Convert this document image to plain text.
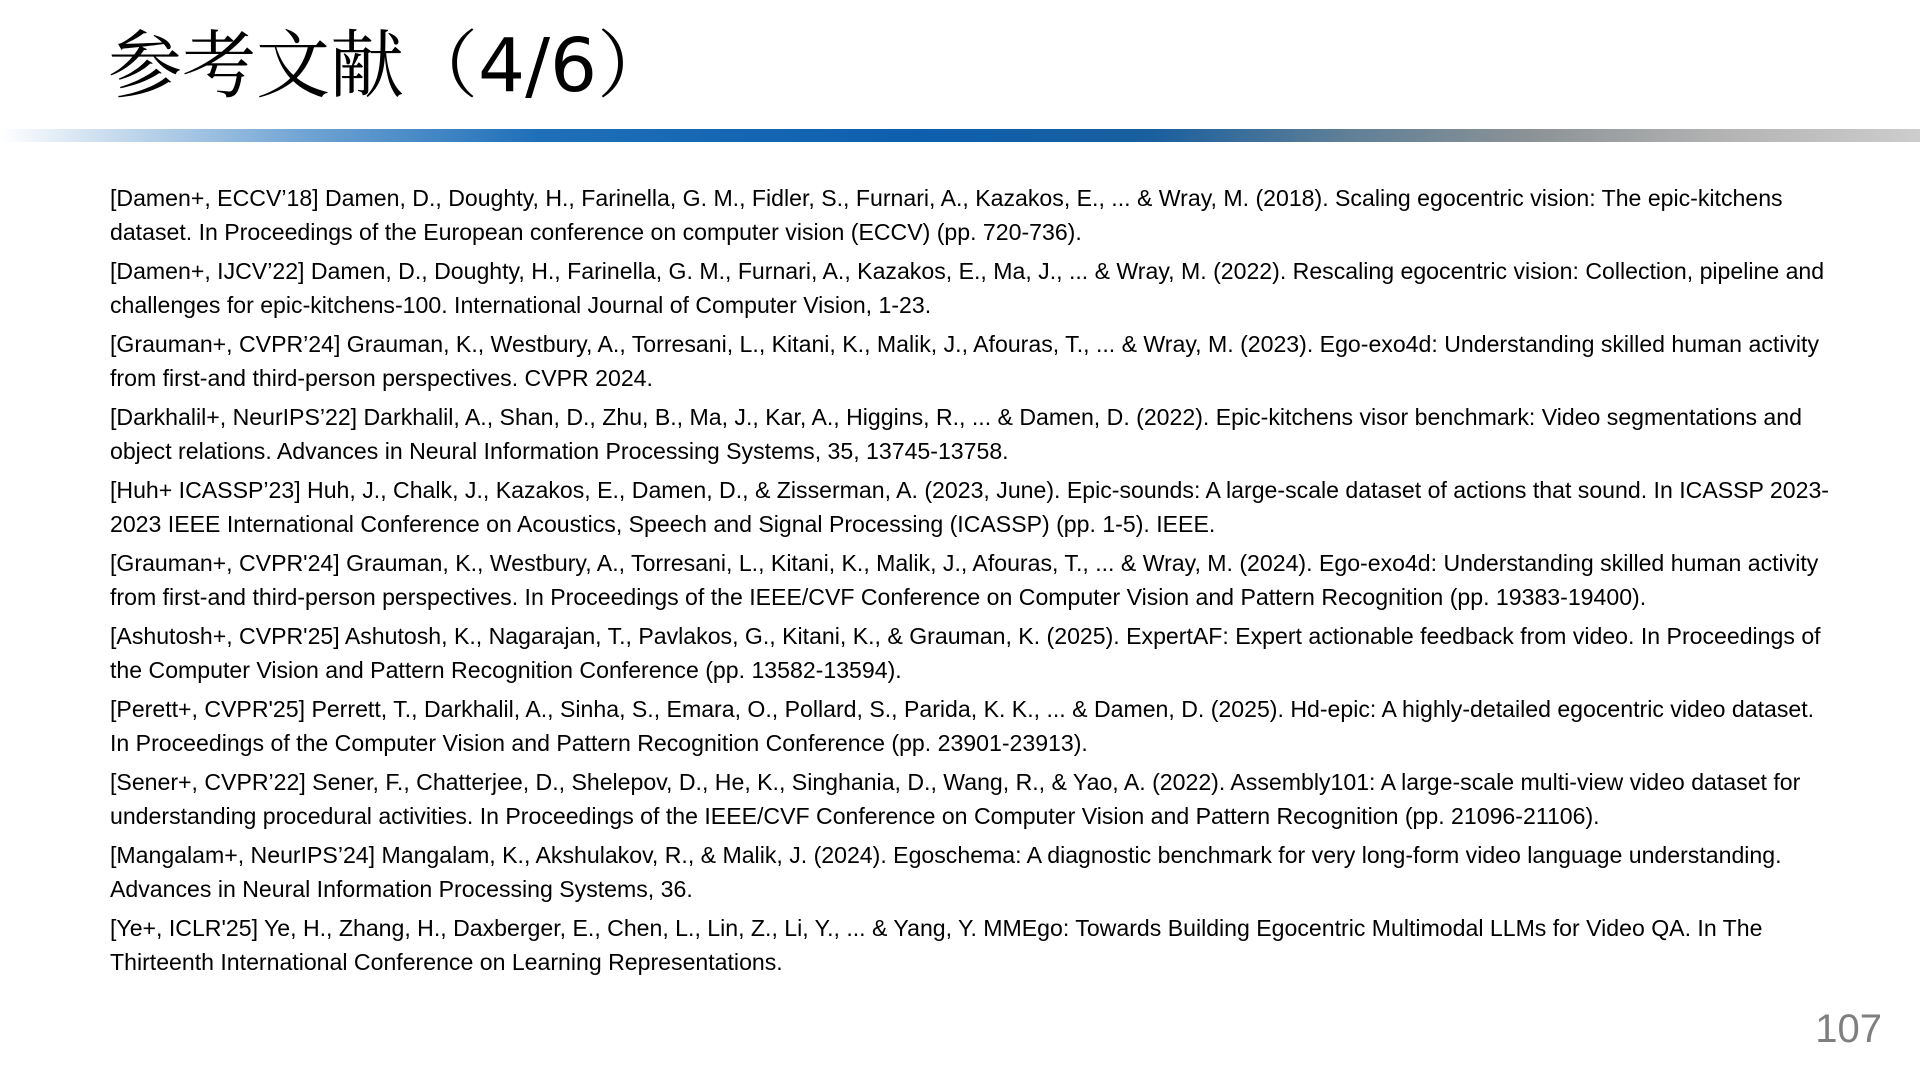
参考文献（4/6）
[Damen+, ECCV’18] Damen, D., Doughty, H., Farinella, G. M., Fidler, S., Furnari, A., Kazakos, E., ... & Wray, M. (2018). Scaling egocentric vision: The epic-kitchens dataset. In Proceedings of the European conference on computer vision (ECCV) (pp. 720-736).
[Damen+, IJCV’22] Damen, D., Doughty, H., Farinella, G. M., Furnari, A., Kazakos, E., Ma, J., ... & Wray, M. (2022). Rescaling egocentric vision: Collection, pipeline and challenges for epic-kitchens-100. International Journal of Computer Vision, 1-23.
[Grauman+, CVPR’24] Grauman, K., Westbury, A., Torresani, L., Kitani, K., Malik, J., Afouras, T., ... & Wray, M. (2023). Ego-exo4d: Understanding skilled human activity from first-and third-person perspectives. CVPR 2024.
[Darkhalil+, NeurIPS’22] Darkhalil, A., Shan, D., Zhu, B., Ma, J., Kar, A., Higgins, R., ... & Damen, D. (2022). Epic-kitchens visor benchmark: Video segmentations and object relations. Advances in Neural Information Processing Systems, 35, 13745-13758.
[Huh+ ICASSP’23] Huh, J., Chalk, J., Kazakos, E., Damen, D., & Zisserman, A. (2023, June). Epic-sounds: A large-scale dataset of actions that sound. In ICASSP 2023-2023 IEEE International Conference on Acoustics, Speech and Signal Processing (ICASSP) (pp. 1-5). IEEE.
[Grauman+, CVPR'24] Grauman, K., Westbury, A., Torresani, L., Kitani, K., Malik, J., Afouras, T., ... & Wray, M. (2024). Ego-exo4d: Understanding skilled human activity from first-and third-person perspectives. In Proceedings of the IEEE/CVF Conference on Computer Vision and Pattern Recognition (pp. 19383-19400).
[Ashutosh+, CVPR'25] Ashutosh, K., Nagarajan, T., Pavlakos, G., Kitani, K., & Grauman, K. (2025). ExpertAF: Expert actionable feedback from video. In Proceedings of the Computer Vision and Pattern Recognition Conference (pp. 13582-13594).
[Perett+, CVPR'25] Perrett, T., Darkhalil, A., Sinha, S., Emara, O., Pollard, S., Parida, K. K., ... & Damen, D. (2025). Hd-epic: A highly-detailed egocentric video dataset. In Proceedings of the Computer Vision and Pattern Recognition Conference (pp. 23901-23913).
[Sener+, CVPR’22] Sener, F., Chatterjee, D., Shelepov, D., He, K., Singhania, D., Wang, R., & Yao, A. (2022). Assembly101: A large-scale multi-view video dataset for understanding procedural activities. In Proceedings of the IEEE/CVF Conference on Computer Vision and Pattern Recognition (pp. 21096-21106).
[Mangalam+, NeurIPS’24] Mangalam, K., Akshulakov, R., & Malik, J. (2024). Egoschema: A diagnostic benchmark for very long-form video language understanding. Advances in Neural Information Processing Systems, 36.
[Ye+, ICLR'25] Ye, H., Zhang, H., Daxberger, E., Chen, L., Lin, Z., Li, Y., ... & Yang, Y. MMEgo: Towards Building Egocentric Multimodal LLMs for Video QA. In The Thirteenth International Conference on Learning Representations.
107
